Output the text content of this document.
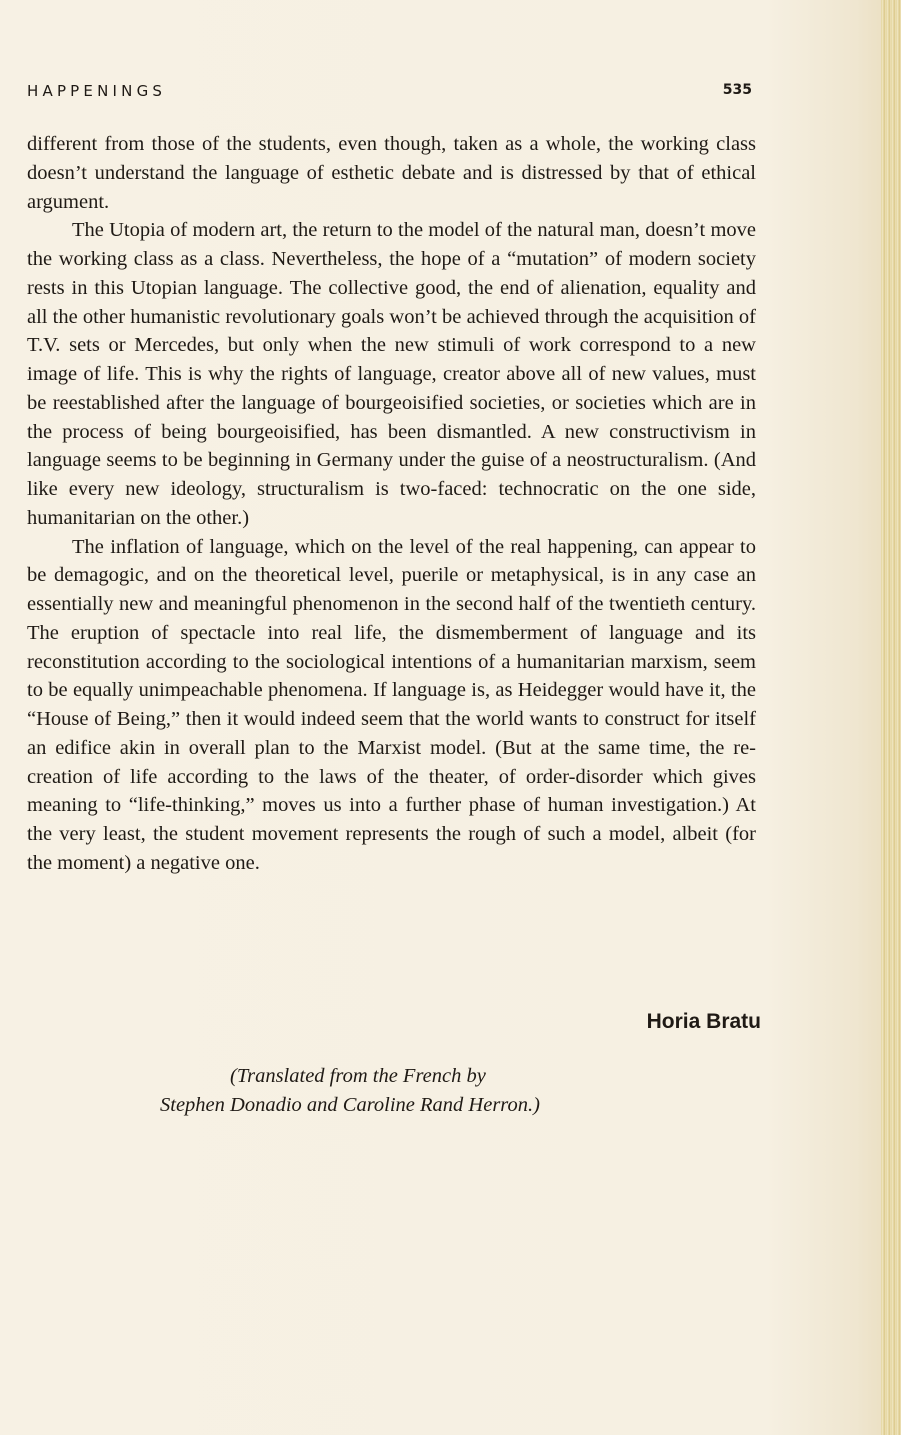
HAPPENINGS	535

different from those of the students, even though, taken as a whole, the working class doesn’t understand the language of esthetic debate and is distressed by that of ethical argument.

The Utopia of modern art, the return to the model of the natural man, doesn’t move the working class as a class. Nevertheless, the hope of a “mutation” of modern society rests in this Utopian language. The collective good, the end of alienation, equality and all the other humanistic revolutionary goals won’t be achieved through the acquisition of T.V. sets or Mercedes, but only when the new stimuli of work correspond to a new image of life. This is why the rights of language, creator above all of new values, must be reestablished after the language of bourgeoisified societies, or societies which are in the process of being bourgeoisified, has been dismantled. A new constructivism in language seems to be beginning in Germany under the guise of a neostructuralism. (And like every new ideology, structuralism is two-faced: technocratic on the one side, humanitarian on the other.)

The inflation of language, which on the level of the real happening, can appear to be demagogic, and on the theoretical level, puerile or metaphysical, is in any case an essentially new and meaningful phenomenon in the second half of the twentieth century. The eruption of spectacle into real life, the dismemberment of language and its reconstitution according to the sociological intentions of a humanitarian marxism, seem to be equally unimpeachable phenomena. If language is, as Heidegger would have it, the “House of Being,” then it would indeed seem that the world wants to construct for itself an edifice akin in overall plan to the Marxist model. (But at the same time, the re-creation of life according to the laws of the theater, of order-disorder which gives meaning to “life-thinking,” moves us into a further phase of human investigation.) At the very least, the student movement represents the rough of such a model, albeit (for the moment) a negative one.

Horia Bratu
(Translated from the French by
Stephen Donadio and Caroline Rand Herron.)
